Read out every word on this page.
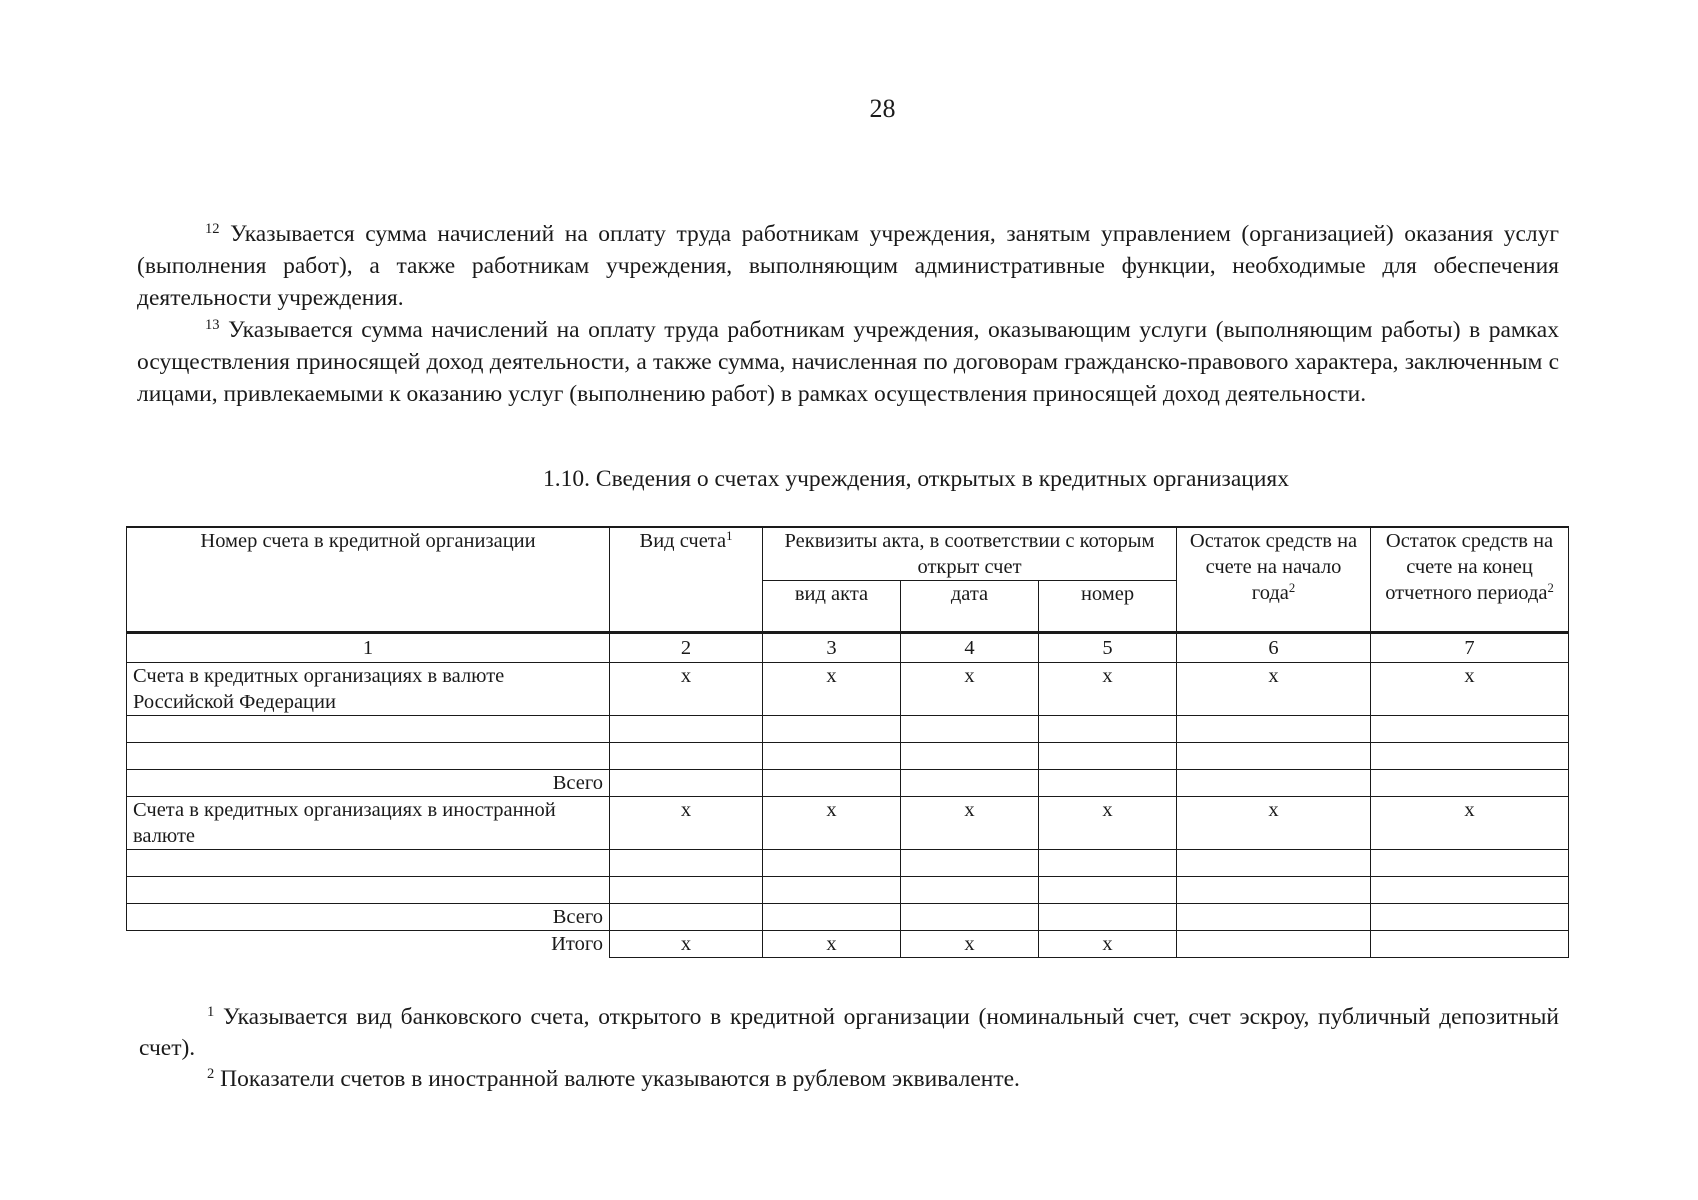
28

$^{12}$ Указывается сумма начислений на оплату труда работникам учреждения, занятым управлением (организацией) оказания услуг (выполнения работ), а также работникам учреждения, выполняющим административные функции, необходимые для обеспечения деятельности учреждения.

$^{13}$ Указывается сумма начислений на оплату труда работникам учреждения, оказывающим услуги (выполняющим работы) в рамках осуществления приносящей доход деятельности, а также сумма, начисленная по договорам гражданско-правового характера, заключенным с лицами, привлекаемыми к оказанию услуг (выполнению работ) в рамках осуществления приносящей доход деятельности.

1.10. Сведения о счетах учреждения, открытых в кредитных организациях
Номер счета в кредитной организации	Вид счета$^1$	Реквизиты акта, в соответствии с которым открыт счет			Остаток средств на счете на начало года$^2$	Остаток средств на счете на конец отчетного периода$^2$
		вид акта	дата	номер		
1	2	3	4	5	6	7
Счета в кредитных организациях в валюте Российской Федерации	x	x	x	x	x	x

Всего						
Счета в кредитных организациях в иностранной валюте	x	x	x	x	x	x

Всего						
Итого	x	x	x	x		

$^1$ Указывается вид банковского счета, открытого в кредитной организации (номинальный счет, счет эскроу, публичный депозитный счет).

$^2$ Показатели счетов в иностранной валюте указываются в рублевом эквиваленте.
